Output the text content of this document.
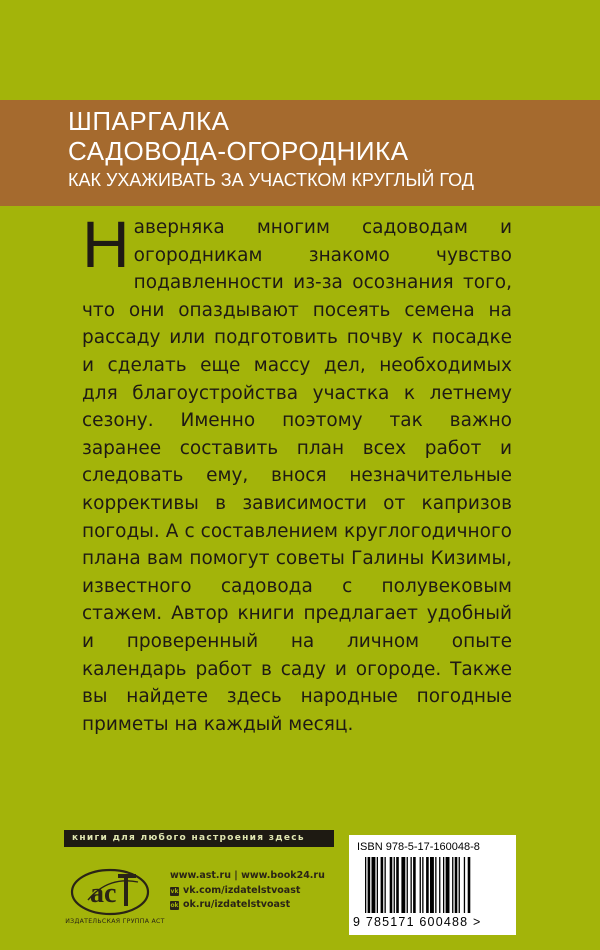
ШПАРГАЛКА
САДОВОДА-ОГОРОДНИКА
КАК УХАЖИВАТЬ ЗА УЧАСТКОМ КРУГЛЫЙ ГОД

Наверняка многим садоводам и огородникам знакомо чувство подавленности из-за осознания того, что они опаздывают посеять семена на рассаду или подготовить почву к посадке и сделать еще массу дел, необходимых для благоустройства участка к летнему сезону. Именно поэтому так важно заранее составить план всех работ и следовать ему, внося незначительные коррективы в зависимости от капризов погоды. А с составлением круглогодичного плана вам помогут советы Галины Кизимы, известного садовода с полувековым стажем. Автор книги предлагает удобный и проверенный на личном опыте календарь работ в саду и огороде. Также вы найдете здесь народные погодные приметы на каждый месяц.

книги для любого настроения здесь
ac
ИЗДАТЕЛЬСКАЯ ГРУППА АСТ
www.ast.ru | www.book24.ru
vk vk.com/izdatelstvoast
ok ok.ru/izdatelstvoast
ISBN 978-5-17-160048-8
9 785171 600488 >
